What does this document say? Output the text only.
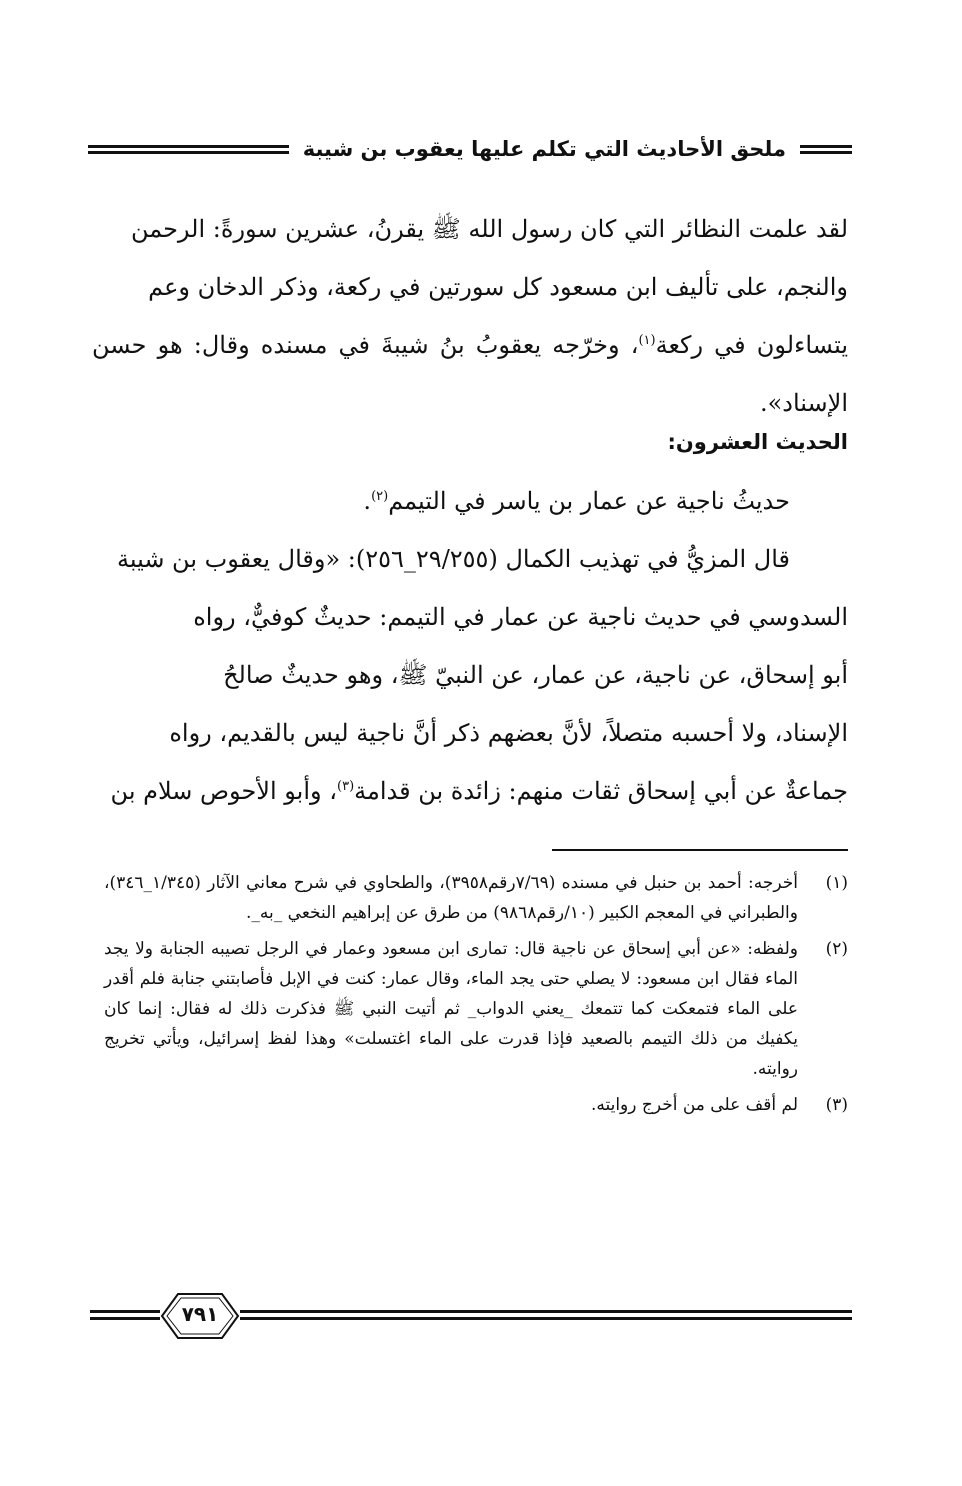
ملحق الأحاديث التي تكلم عليها يعقوب بن شيبة
لقد علمت النظائر التي كان رسول الله ﷺ يقرنُ، عشرين سورةً: الرحمن
والنجم، على تأليف ابن مسعود كل سورتين في ركعة، وذكر الدخان وعم
يتساءلون في ركعة$^{(١)}$، وخرّجه يعقوبُ بنُ شيبةَ في مسنده وقال: هو حسن الإسناد».
الحديث العشرون:
حديثُ ناجية عن عمار بن ياسر في التيمم$^{(٢)}$.
قال المزيُّ في تهذيب الكمال (٢٩/٢٥٥_٢٥٦): «وقال يعقوب بن شيبة
السدوسي في حديث ناجية عن عمار في التيمم: حديثٌ كوفيٌّ، رواه
أبو إسحاق، عن ناجية، عن عمار، عن النبيّ ﷺ، وهو حديثٌ صالحُ
الإسناد، ولا أحسبه متصلاً، لأنَّ بعضهم ذكر أنَّ ناجية ليس بالقديم، رواه
جماعةٌ عن أبي إسحاق ثقات منهم: زائدة بن قدامة$^{(٣)}$، وأبو الأحوص سلام بن
(١)
أخرجه: أحمد بن حنبل في مسنده (٧/٦٩رقم٣٩٥٨)، والطحاوي في شرح معاني الآثار (١/٣٤٥_٣٤٦)، والطبراني في المعجم الكبير (١٠/رقم٩٨٦٨) من طرق عن إبراهيم النخعي _به_.
(٢)
ولفظه: «عن أبي إسحاق عن ناجية قال: تمارى ابن مسعود وعمار في الرجل تصيبه الجنابة ولا يجد الماء فقال ابن مسعود: لا يصلي حتى يجد الماء، وقال عمار: كنت في الإبل فأصابتني جنابة فلم أقدر على الماء فتمعكت كما تتمعك _يعني الدواب_ ثم أتيت النبي ﷺ فذكرت ذلك له فقال: إنما كان يكفيك من ذلك التيمم بالصعيد فإذا قدرت على الماء اغتسلت» وهذا لفظ إسرائيل، ويأتي تخريج روايته.
(٣)
لم أقف على من أخرج روايته.
٧٩١
